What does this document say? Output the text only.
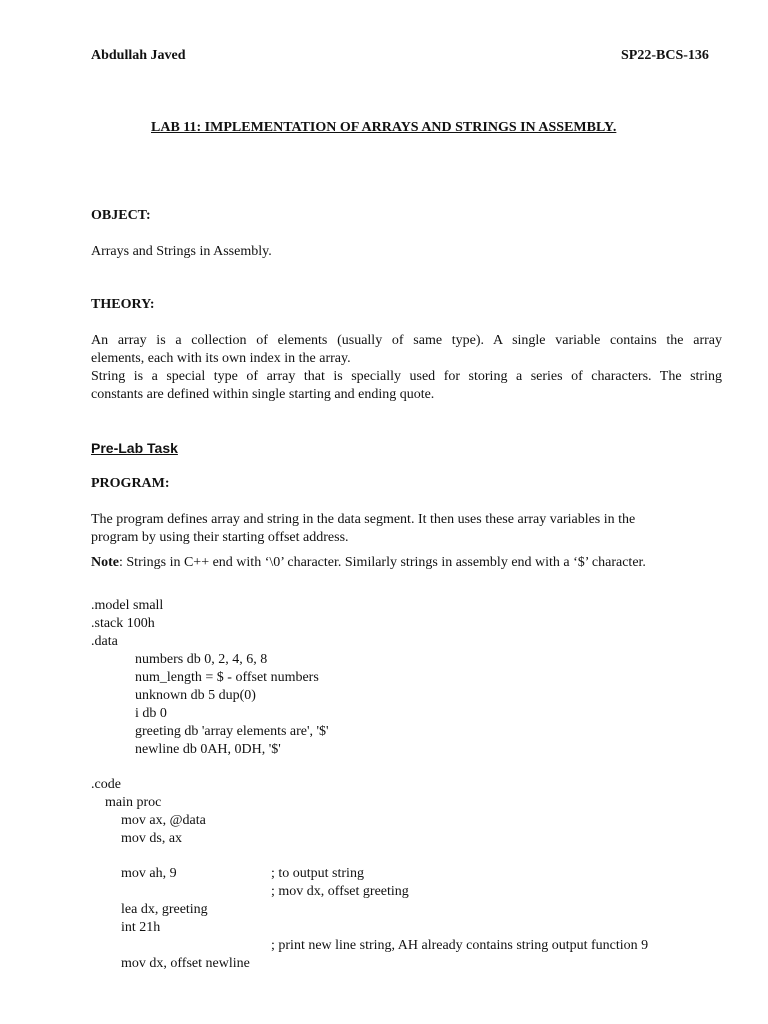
Abdullah Javed	SP22-BCS-136
LAB 11: IMPLEMENTATION OF ARRAYS AND STRINGS IN ASSEMBLY.
OBJECT:
Arrays and Strings in Assembly.
THEORY:
An array is a collection of elements (usually of same type). A single variable contains the array
elements, each with its own index in the array.
String is a special type of array that is specially used for storing a series of characters. The string
constants are defined within single starting and ending quote.
Pre-Lab Task
PROGRAM:
The program defines array and string in the data segment. It then uses these array variables in the
program by using their starting offset address.
Note: Strings in C++ end with ‘\0’ character. Similarly strings in assembly end with a ‘$’ character.
.model small
.stack 100h
.data
numbers db 0, 2, 4, 6, 8
num_length = $ - offset numbers
unknown db 5 dup(0)
i db 0
greeting db 'array elements are', '$'
newline db 0AH, 0DH, '$'
.code
main proc
mov ax, @data
mov ds, ax
mov ah, 9	; to output string
; mov dx, offset greeting
lea dx, greeting
int 21h
; print new line string, AH already contains string output function 9
mov dx, offset newline
